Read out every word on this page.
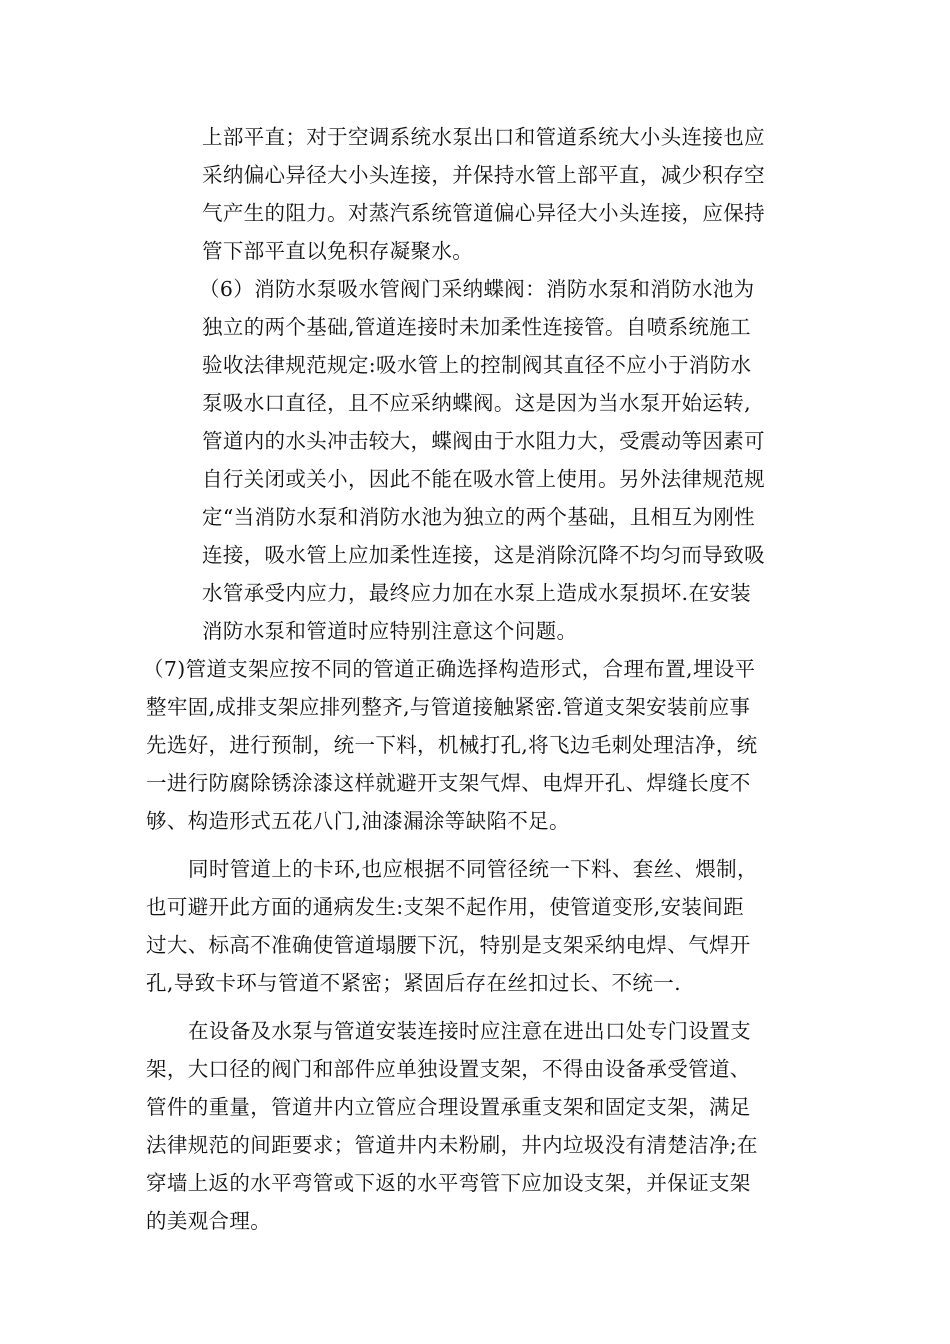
上部平直；对于空调系统水泵出口和管道系统大小头连接也应
采纳偏心异径大小头连接，并保持水管上部平直，减少积存空
气产生的阻力。对蒸汽系统管道偏心异径大小头连接，应保持
管下部平直以免积存凝聚水。
（6）消防水泵吸水管阀门采纳蝶阀：消防水泵和消防水池为
独立的两个基础,管道连接时未加柔性连接管。自喷系统施工
验收法律规范规定:吸水管上的控制阀其直径不应小于消防水
泵吸水口直径，且不应采纳蝶阀。这是因为当水泵开始运转,
管道内的水头冲击较大，蝶阀由于水阻力大，受震动等因素可
自行关闭或关小，因此不能在吸水管上使用。另外法律规范规
定“当消防水泵和消防水池为独立的两个基础，且相互为刚性
连接，吸水管上应加柔性连接，这是消除沉降不均匀而导致吸
水管承受内应力，最终应力加在水泵上造成水泵损坏.在安装
消防水泵和管道时应特别注意这个问题。
（7)管道支架应按不同的管道正确选择构造形式，合理布置,埋设平
整牢固,成排支架应排列整齐,与管道接触紧密.管道支架安装前应事
先选好，进行预制，统一下料，机械打孔,将飞边毛刺处理洁净，统
一进行防腐除锈涂漆这样就避开支架气焊、电焊开孔、焊缝长度不
够、构造形式五花八门,油漆漏涂等缺陷不足。
同时管道上的卡环,也应根据不同管径统一下料、套丝、煨制，
也可避开此方面的通病发生:支架不起作用，使管道变形,安装间距
过大、标高不准确使管道塌腰下沉，特别是支架采纳电焊、气焊开
孔,导致卡环与管道不紧密；紧固后存在丝扣过长、不统一.
在设备及水泵与管道安装连接时应注意在进出口处专门设置支
架，大口径的阀门和部件应单独设置支架，不得由设备承受管道、
管件的重量，管道井内立管应合理设置承重支架和固定支架，满足
法律规范的间距要求；管道井内未粉刷，井内垃圾没有清楚洁净;在
穿墙上返的水平弯管或下返的水平弯管下应加设支架，并保证支架
的美观合理。
